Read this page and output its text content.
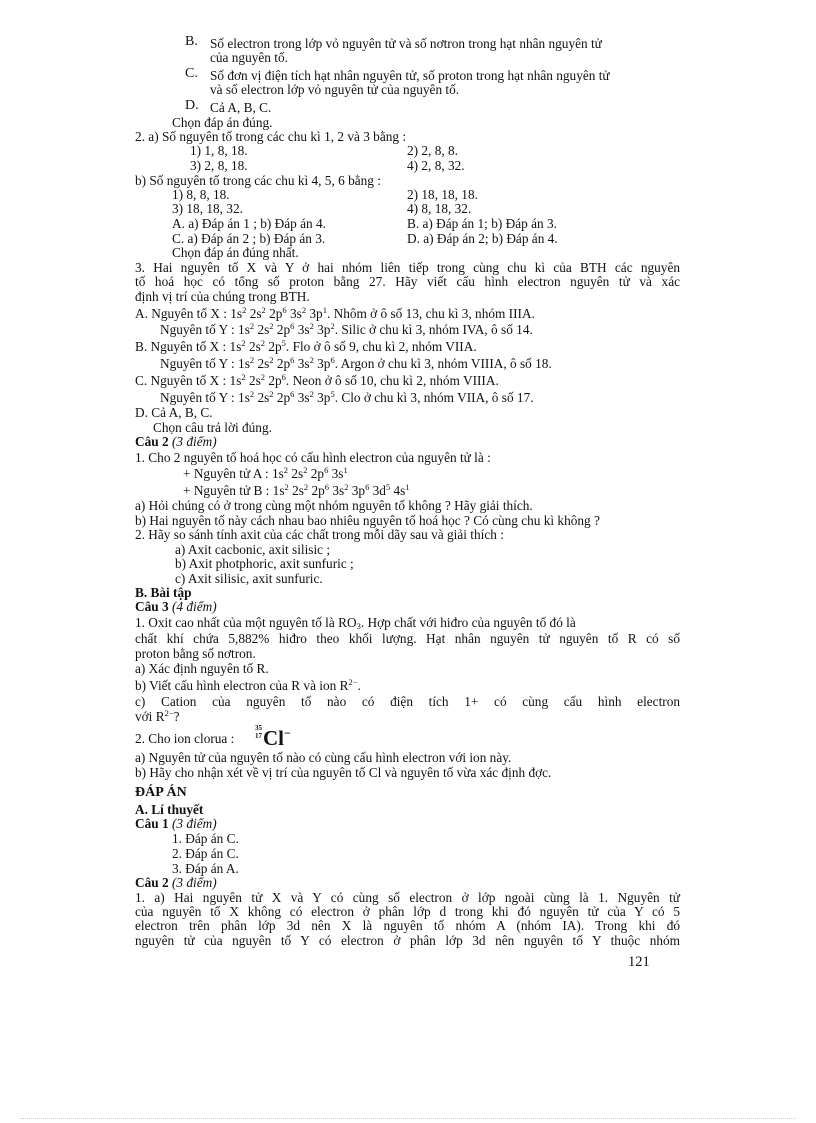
B. Số electron trong lớp vỏ nguyên tử và số nơtron trong hạt nhân nguyên tử
của nguyên tố.
C. Số đơn vị điện tích hạt nhân nguyên tử, số proton trong hạt nhân nguyên tử
và số electron lớp vỏ nguyên tử của nguyên tố.
D. Cả A, B, C.
Chọn đáp án đúng.
2. a) Số nguyên tố trong các chu kì 1, 2 và 3 bằng :
1) 1, 8, 18.	2) 2, 8, 8.
3) 2, 8, 18.	4) 2, 8, 32.
b) Số nguyên tố trong các chu kì 4, 5, 6 bằng :
1) 8, 8, 18.	2) 18, 18, 18.
3) 18, 18, 32.	4) 8, 18, 32.
A. a) Đáp án 1 ; b) Đáp án 4.	B. a) Đáp án 1; b) Đáp án 3.
C. a) Đáp án 2 ; b) Đáp án 3.	D. a) Đáp án 2; b) Đáp án 4.
Chọn đáp án đúng nhất.
3. Hai nguyên tố X và Y ở hai nhóm liên tiếp trong cùng chu kì của BTH các nguyên
tố hoá học có tổng số proton bằng 27. Hãy viết cấu hình electron nguyên tử và xác
định vị trí của chúng trong BTH.
A. Nguyên tố X : $1s^2$ $2s^2$ $2p^6$ $3s^2$ $3p^1$. Nhôm ở ô số 13, chu kì 3, nhóm IIIA.
Nguyên tố Y : $1s^2$ $2s^2$ $2p^6$ $3s^2$ $3p^2$. Silic ở chu kì 3, nhóm IVA, ô số 14.
B. Nguyên tố X : $1s^2$ $2s^2$ $2p^5$. Flo ở ô số 9, chu kì 2, nhóm VIIA.
Nguyên tố Y : $1s^2$ $2s^2$ $2p^6$ $3s^2$ $3p^6$. Argon ở chu kì 3, nhóm VIIIA, ô số 18.
C. Nguyên tố X : $1s^2$ $2s^2$ $2p^6$. Neon ở ô số 10, chu kì 2, nhóm VIIIA.
Nguyên tố Y : $1s^2$ $2s^2$ $2p^6$ $3s^2$ $3p^5$. Clo ở chu kì 3, nhóm VIIA, ô số 17.
D. Cả A, B, C.
Chọn câu trả lời đúng.
Câu 2 (3 điểm)
1. Cho 2 nguyên tố hoá học có cấu hình electron của nguyên tử là :
+ Nguyên tử A : $1s^2$ $2s^2$ $2p^6$ $3s^1$
+ Nguyên tử B : $1s^2$ $2s^2$ $2p^6$ $3s^2$ $3p^6$ $3d^5$ $4s^1$
a) Hỏi chúng có ở trong cùng một nhóm nguyên tố không ? Hãy giải thích.
b) Hai nguyên tố này cách nhau bao nhiêu nguyên tố hoá học ? Có cùng chu kì không ?
2. Hãy so sánh tính axit của các chất trong mỗi dãy sau và giải thích :
a) Axit cacbonic, axit silisic ;
b) Axit photphoric, axit sunfuric ;
c) Axit silisic, axit sunfuric.
B. Bài tập
Câu 3 (4 điểm)
1. Oxit cao nhất của một nguyên tố là $RO_3$. Hợp chất với hiđro của nguyên tố đó là
chất khí chứa 5,882% hiđro theo khối lượng. Hạt nhân nguyên tử nguyên tố R có số
proton bằng số nơtron.
a) Xác định nguyên tố R.
b) Viết cấu hình electron của R và ion $R^{2-}$.
c) Cation của nguyên tố nào có điện tích 1+ có cùng cấu hình electron
với $R^{2-}$?
2. Cho ion clorua :
35
17 Cl−
a) Nguyên tử của nguyên tố nào có cùng cấu hình electron với ion này.
b) Hãy cho nhận xét về vị trí của nguyên tố Cl và nguyên tố vừa xác định đợc.
ĐÁP ÁN
A. Lí thuyết
Câu 1 (3 điểm)
1. Đáp án C.
2. Đáp án C.
3. Đáp án A.
Câu 2 (3 điểm)
1. a) Hai nguyên tử X và Y có cùng số electron ở lớp ngoài cùng là 1. Nguyên tử
của nguyên tố X không có electron ở phân lớp d trong khi đó nguyên tử của Y có 5
electron trên phân lớp 3d nên X là nguyên tố nhóm A (nhóm IA). Trong khi đó
nguyên tử của nguyên tố Y có electron ở phân lớp 3d nên nguyên tố Y thuộc nhóm
121
